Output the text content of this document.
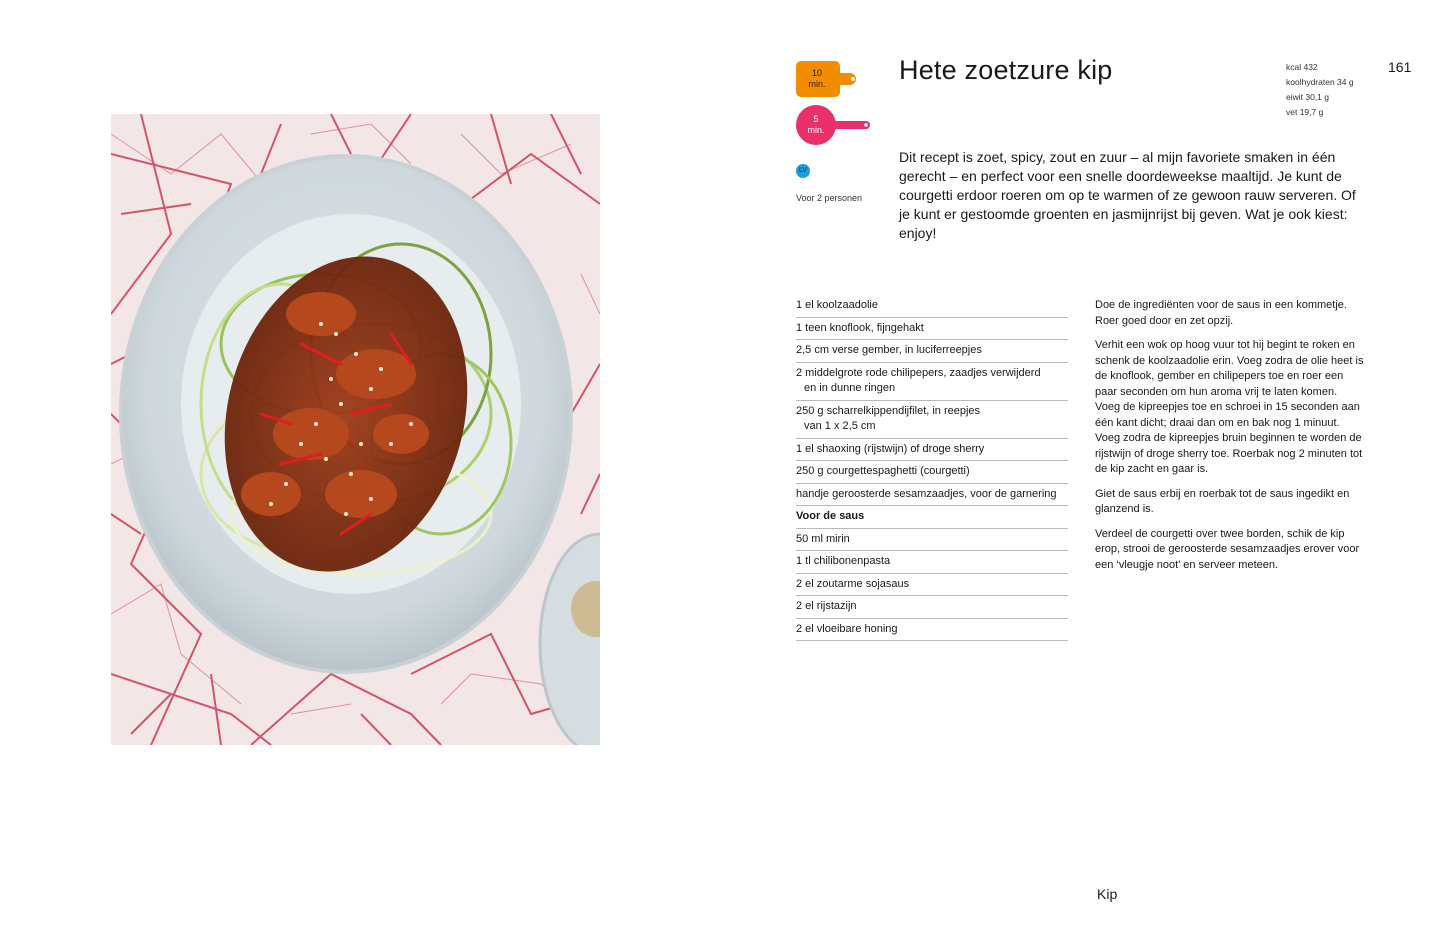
10
min.
5
min.
LV
Voor 2 personen
Hete zoetzure kip	kcal 432
koolhydraten 34 g
eiwit 30,1 g
vet 19,7 g
161

Dit recept is zoet, spicy, zout en zuur – al mijn favoriete smaken in één gerecht – en perfect voor een snelle doordeweekse maaltijd. Je kunt de courgetti erdoor roeren om op te warmen of ze gewoon rauw serveren. Of je kunt er gestoomde groenten en jasmijnrijst bij geven. Wat je ook kiest: enjoy!

1 el koolzaadolie
1 teen knoflook, fijngehakt
2,5 cm verse gember, in luciferreepjes
2 middelgrote rode chilipepers, zaadjes verwijderd
en in dunne ringen
250 g scharrelkippendijfilet, in reepjes
van 1 x 2,5 cm
1 el shaoxing (rijstwijn) of droge sherry
250 g courgettespaghetti (courgetti)
handje geroosterde sesamzaadjes, voor de garnering
Voor de saus
50 ml mirin
1 tl chilibonenpasta
2 el zoutarme sojasaus
2 el rijstazijn
2 el vloeibare honing

Doe de ingrediënten voor de saus in een kommetje. Roer goed door en zet opzij.

Verhit een wok op hoog vuur tot hij begint te roken en schenk de koolzaadolie erin. Voeg zodra de olie heet is de knoflook, gember en chilipepers toe en roer een paar seconden om hun aroma vrij te laten komen. Voeg de kipreepjes toe en schroei in 15 seconden aan één kant dicht; draai dan om en bak nog 1 minuut. Voeg zodra de kipreepjes bruin beginnen te worden de rijstwijn of droge sherry toe. Roerbak nog 2 minuten tot de kip zacht en gaar is.

Giet de saus erbij en roerbak tot de saus ingedikt en glanzend is.

Verdeel de courgetti over twee borden, schik de kip erop, strooi de geroosterde sesamzaadjes erover voor een ‘vleugje noot’ en serveer meteen.

Kip
